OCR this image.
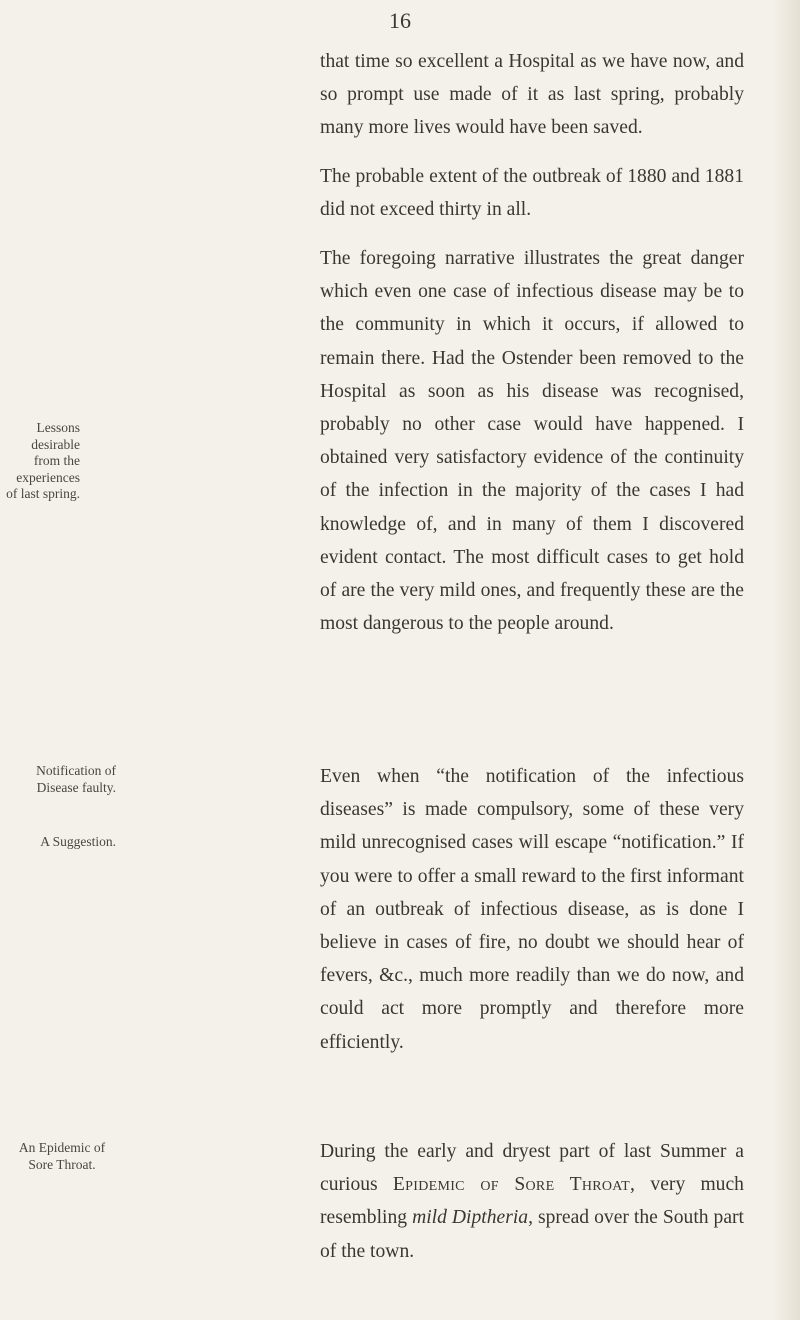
16

that time so excellent a Hospital as we have now, and so prompt use made of it as last spring, probably many more lives would have been saved.

The probable extent of the outbreak of 1880 and 1881 did not exceed thirty in all.

The foregoing narrative illustrates the great danger which even one case of infectious disease may be to the community in which it occurs, if allowed to remain there. Had the Ostender been removed to the Hospital as soon as his disease was recognised, probably no other case would have happened. I obtained very satisfactory evidence of the continuity of the infection in the majority of the cases I had knowledge of, and in many of them I discovered evident contact. The most difficult cases to get hold of are the very mild ones, and frequently these are the most dangerous to the people around.

Even when “the notification of the infectious diseases” is made compulsory, some of these very mild unrecognised cases will escape “notification.” If you were to offer a small reward to the first informant of an outbreak of infectious disease, as is done I believe in cases of fire, no doubt we should hear of fevers, &c., much more readily than we do now, and could act more promptly and therefore more efficiently.

During the early and dryest part of last Summer a curious Epidemic of Sore Throat, very much resembling mild Diptheria, spread over the South part of the town.

Lessons desirable from the experiences of last spring.
Notification of Disease faulty.
A Suggestion.
An Epidemic of Sore Throat.
